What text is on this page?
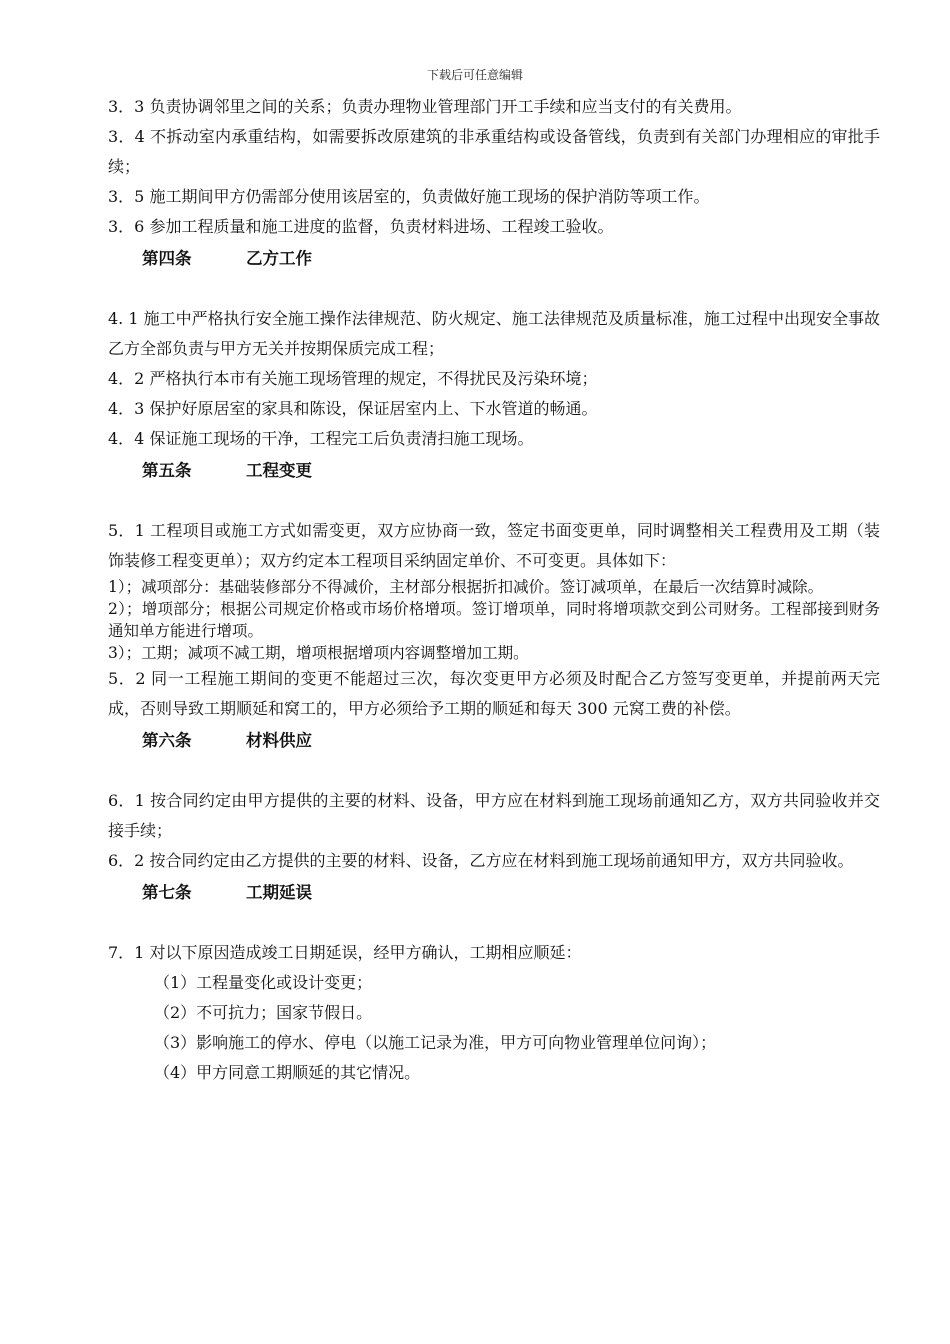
下载后可任意编辑

3．3 负责协调邻里之间的关系；负责办理物业管理部门开工手续和应当支付的有关费用。

3．4 不拆动室内承重结构，如需要拆改原建筑的非承重结构或设备管线，负责到有关部门办理相应的审批手续；

3．5 施工期间甲方仍需部分使用该居室的，负责做好施工现场的保护消防等项工作。

3．6 参加工程质量和施工进度的监督，负责材料进场、工程竣工验收。

第四条	乙方工作

4. 1 施工中严格执行安全施工操作法律规范、防火规定、施工法律规范及质量标准，施工过程中出现安全事故乙方全部负责与甲方无关并按期保质完成工程；

4．2 严格执行本市有关施工现场管理的规定，不得扰民及污染环境；

4．3 保护好原居室的家具和陈设，保证居室内上、下水管道的畅通。

4．4 保证施工现场的干净，工程完工后负责清扫施工现场。

第五条	工程变更

5．1 工程项目或施工方式如需变更，双方应协商一致，签定书面变更单，同时调整相关工程费用及工期（装饰装修工程变更单）；双方约定本工程项目采纳固定单价、不可变更。具体如下：

1）；减项部分：基础装修部分不得减价，主材部分根据折扣减价。签订减项单，在最后一次结算时减除。

2）；增项部分；根据公司规定价格或市场价格增项。签订增项单，同时将增项款交到公司财务。工程部接到财务通知单方能进行增项。

3）；工期；减项不减工期，增项根据增项内容调整增加工期。

5．2 同一工程施工期间的变更不能超过三次，每次变更甲方必须及时配合乙方签写变更单，并提前两天完成，否则导致工期顺延和窝工的，甲方必须给予工期的顺延和每天 300 元窝工费的补偿。

第六条	材料供应

6．1 按合同约定由甲方提供的主要的材料、设备，甲方应在材料到施工现场前通知乙方，双方共同验收并交接手续；

6．2 按合同约定由乙方提供的主要的材料、设备，乙方应在材料到施工现场前通知甲方，双方共同验收。

第七条	工期延误

7．1 对以下原因造成竣工日期延误，经甲方确认，工期相应顺延：

（1）工程量变化或设计变更；

（2）不可抗力；国家节假日。

（3）影响施工的停水、停电（以施工记录为准，甲方可向物业管理单位问询）；

（4）甲方同意工期顺延的其它情况。
